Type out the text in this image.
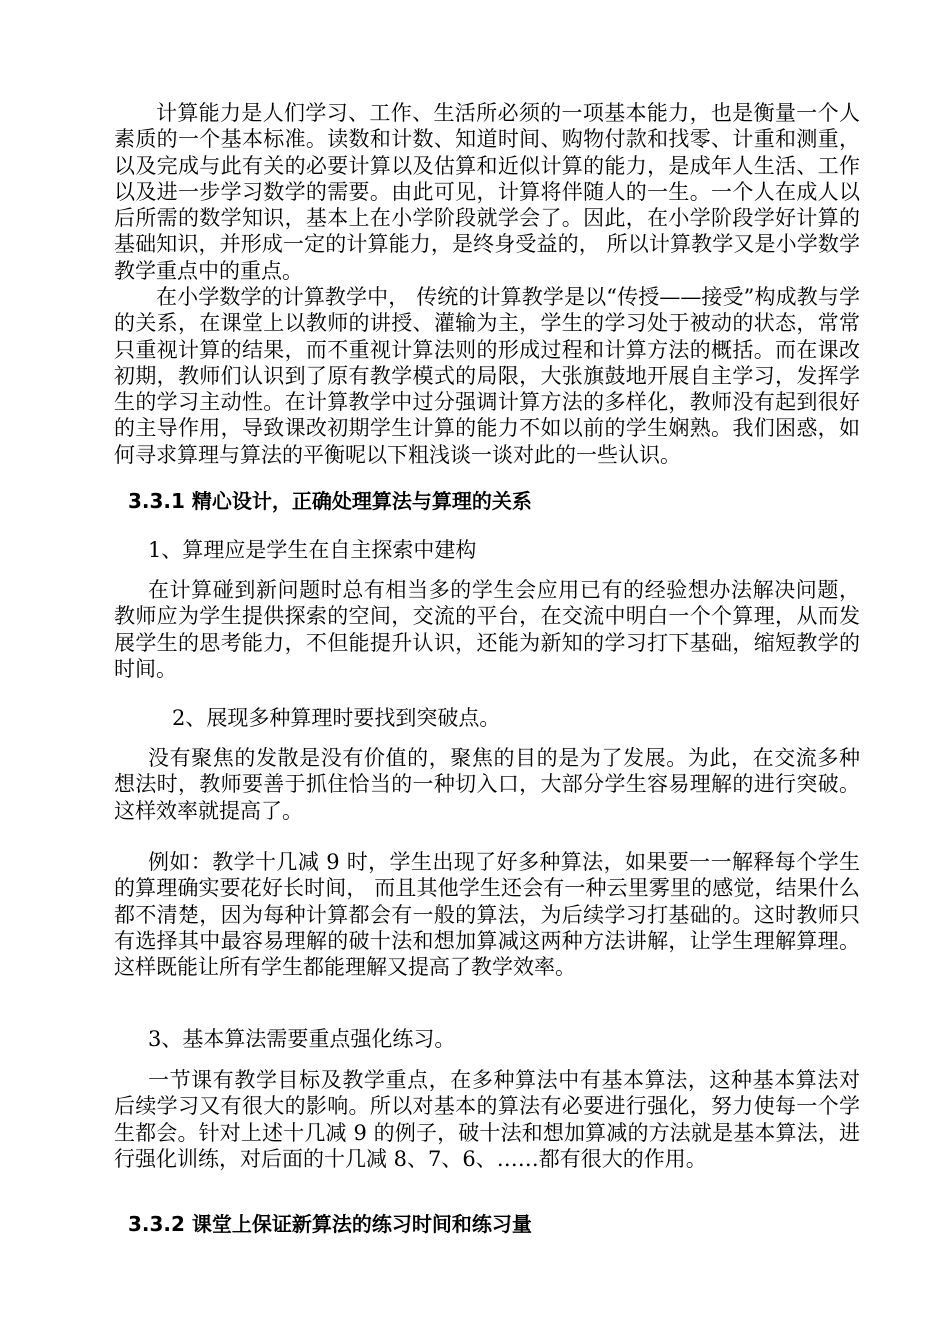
计算能力是人们学习、工作、生活所必须的一项基本能力，也是衡量一个人素质的一个基本标准。读数和计数、知道时间、购物付款和找零、计重和测重，以及完成与此有关的必要计算以及估算和近似计算的能力，是成年人生活、工作以及进一步学习数学的需要。由此可见，计算将伴随人的一生。一个人在成人以后所需的数学知识，基本上在小学阶段就学会了。因此，在小学阶段学好计算的基础知识，并形成一定的计算能力，是终身受益的， 所以计算教学又是小学数学教学重点中的重点。

在小学数学的计算教学中， 传统的计算教学是以“传授——接受”构成教与学的关系，在课堂上以教师的讲授、灌输为主，学生的学习处于被动的状态，常常只重视计算的结果，而不重视计算法则的形成过程和计算方法的概括。而在课改初期，教师们认识到了原有教学模式的局限，大张旗鼓地开展自主学习，发挥学生的学习主动性。在计算教学中过分强调计算方法的多样化，教师没有起到很好的主导作用，导致课改初期学生计算的能力不如以前的学生娴熟。我们困惑，如何寻求算理与算法的平衡呢以下粗浅谈一谈对此的一些认识。

3.3.1 精心设计，正确处理算法与算理的关系
1、算理应是学生在自主探索中建构

在计算碰到新问题时总有相当多的学生会应用已有的经验想办法解决问题，教师应为学生提供探索的空间，交流的平台，在交流中明白一个个算理，从而发展学生的思考能力，不但能提升认识，还能为新知的学习打下基础，缩短教学的时间。

2、展现多种算理时要找到突破点。

没有聚焦的发散是没有价值的，聚焦的目的是为了发展。为此，在交流多种想法时，教师要善于抓住恰当的一种切入口，大部分学生容易理解的进行突破。这样效率就提高了。

例如：教学十几减 9 时，学生出现了好多种算法，如果要一一解释每个学生的算理确实要花好长时间， 而且其他学生还会有一种云里雾里的感觉，结果什么都不清楚，因为每种计算都会有一般的算法，为后续学习打基础的。这时教师只有选择其中最容易理解的破十法和想加算减这两种方法讲解，让学生理解算理。这样既能让所有学生都能理解又提高了教学效率。

3、基本算法需要重点强化练习。

一节课有教学目标及教学重点，在多种算法中有基本算法，这种基本算法对后续学习又有很大的影响。所以对基本的算法有必要进行强化，努力使每一个学生都会。针对上述十几减 9 的例子，破十法和想加算减的方法就是基本算法，进行强化训练，对后面的十几减 8、7、6、……都有很大的作用。

3.3.2 课堂上保证新算法的练习时间和练习量
